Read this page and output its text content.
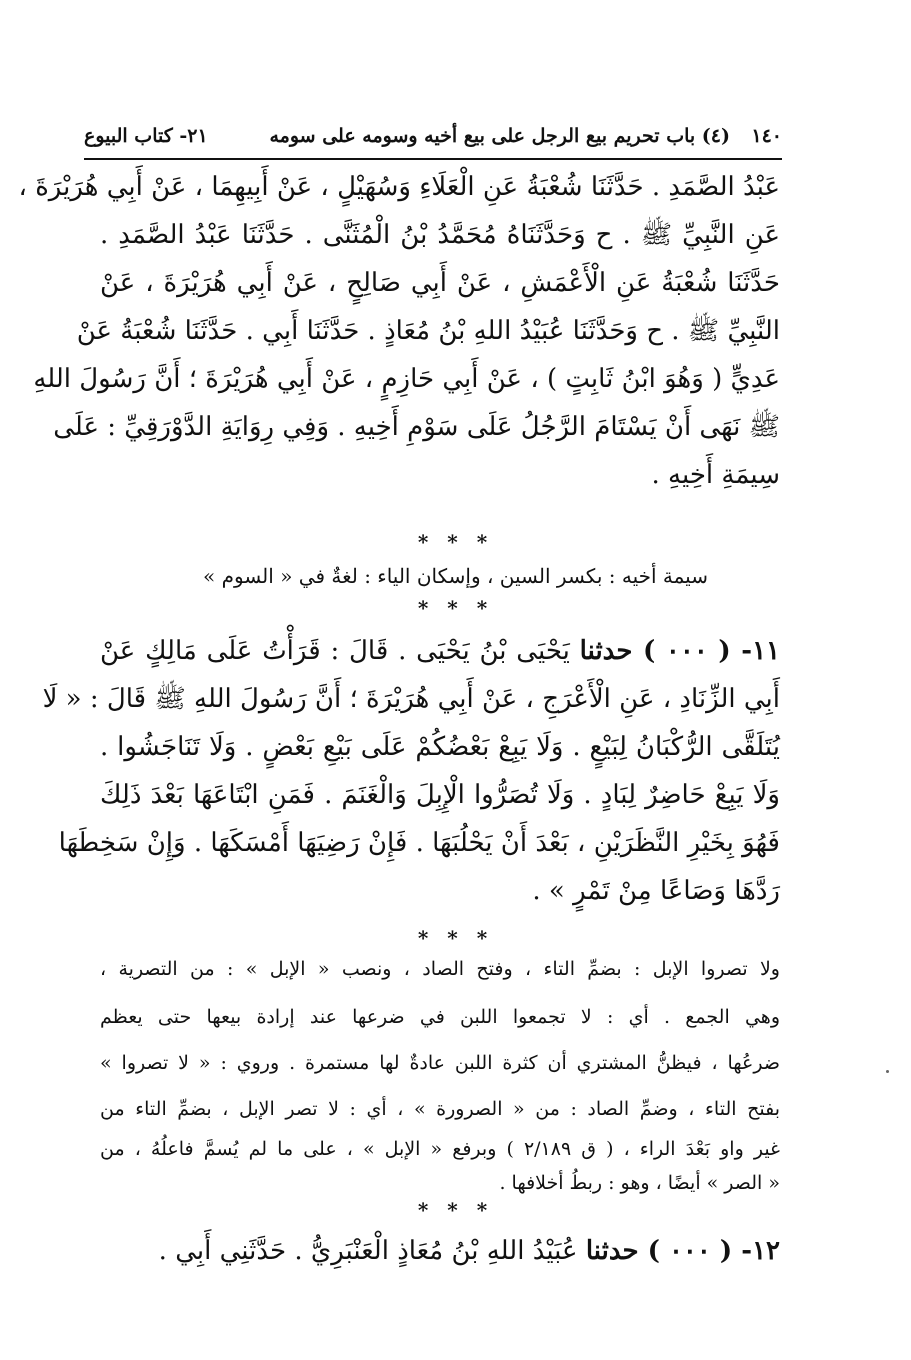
١٤٠
(٤) باب تحريم بيع الرجل على بيع أخيه وسومه على سومه
٢١- كتاب البيوع
عَبْدُ الصَّمَدِ . حَدَّثَنَا شُعْبَةُ عَنِ الْعَلَاءِ وَسُهَيْلٍ ، عَنْ أَبِيهِمَا ، عَنْ أَبِي هُرَيْرَةَ ،
عَنِ النَّبِيِّ ﷺ . ح وَحَدَّثَنَاهُ مُحَمَّدُ بْنُ الْمُثَنَّى . حَدَّثَنَا عَبْدُ الصَّمَدِ .
حَدَّثَنَا شُعْبَةُ عَنِ الْأَعْمَشِ ، عَنْ أَبِي صَالِحٍ ، عَنْ أَبِي هُرَيْرَةَ ، عَنْ
النَّبِيِّ ﷺ . ح وَحَدَّثَنَا عُبَيْدُ اللهِ بْنُ مُعَاذٍ . حَدَّثَنَا أَبِي . حَدَّثَنَا شُعْبَةُ عَنْ
عَدِيٍّ ( وَهُوَ ابْنُ ثَابِتٍ ) ، عَنْ أَبِي حَازِمٍ ، عَنْ أَبِي هُرَيْرَةَ ؛ أَنَّ رَسُولَ اللهِ
ﷺ نَهَى أَنْ يَسْتَامَ الرَّجُلُ عَلَى سَوْمِ أَخِيهِ . وَفِي رِوَايَةِ الدَّوْرَقِيِّ : عَلَى
سِيمَةِ أَخِيهِ .
* * *
سيمة أخيه : بكسر السين ، وإسكان الياء : لغةٌ في « السوم »
* * *
١١- ( ٠٠٠ ) حدثنا يَحْيَى بْنُ يَحْيَى . قَالَ : قَرَأْتُ عَلَى مَالِكٍ عَنْ
أَبِي الزِّنَادِ ، عَنِ الْأَعْرَجِ ، عَنْ أَبِي هُرَيْرَةَ ؛ أَنَّ رَسُولَ اللهِ ﷺ قَالَ : « لَا
يُتَلَقَّى الرُّكْبَانُ لِبَيْعٍ . وَلَا يَبِعْ بَعْضُكُمْ عَلَى بَيْعِ بَعْضٍ . وَلَا تَنَاجَشُوا .
وَلَا يَبِعْ حَاضِرٌ لِبَادٍ . وَلَا تُصَرُّوا الْإِبِلَ وَالْغَنَمَ . فَمَنِ ابْتَاعَهَا بَعْدَ ذَلِكَ
فَهُوَ بِخَيْرِ النَّظَرَيْنِ ، بَعْدَ أَنْ يَحْلُبَهَا . فَإِنْ رَضِيَهَا أَمْسَكَهَا . وَإِنْ سَخِطَهَا
رَدَّهَا وَصَاعًا مِنْ تَمْرٍ » .
* * *
ولا تصروا الإبل : بضمِّ التاء ، وفتح الصاد ، ونصب « الإبل » : من التصرية ،
وهي الجمع . أي : لا تجمعوا اللبن في ضرعها عند إرادة بيعها حتى يعظم
ضرعُها ، فيظنُّ المشتري أن كثرة اللبن عادةٌ لها مستمرة . وروي : « لا تصروا »
بفتح التاء ، وضمِّ الصاد : من « الصرورة » ، أي : لا تصر الإبل ، بضمِّ التاء من
غير واو بَعْدَ الراء ، ( ق ٢/١٨٩ ) وبرفع « الإبل » ، على ما لم يُسمَّ فاعلُهُ ، من
« الصر » أيضًا ، وهو : ربطُ أخلافها .
* * *
١٢- ( ٠٠٠ ) حدثنا عُبَيْدُ اللهِ بْنُ مُعَاذٍ الْعَنْبَرِيُّ . حَدَّثَنِي أَبِي .
